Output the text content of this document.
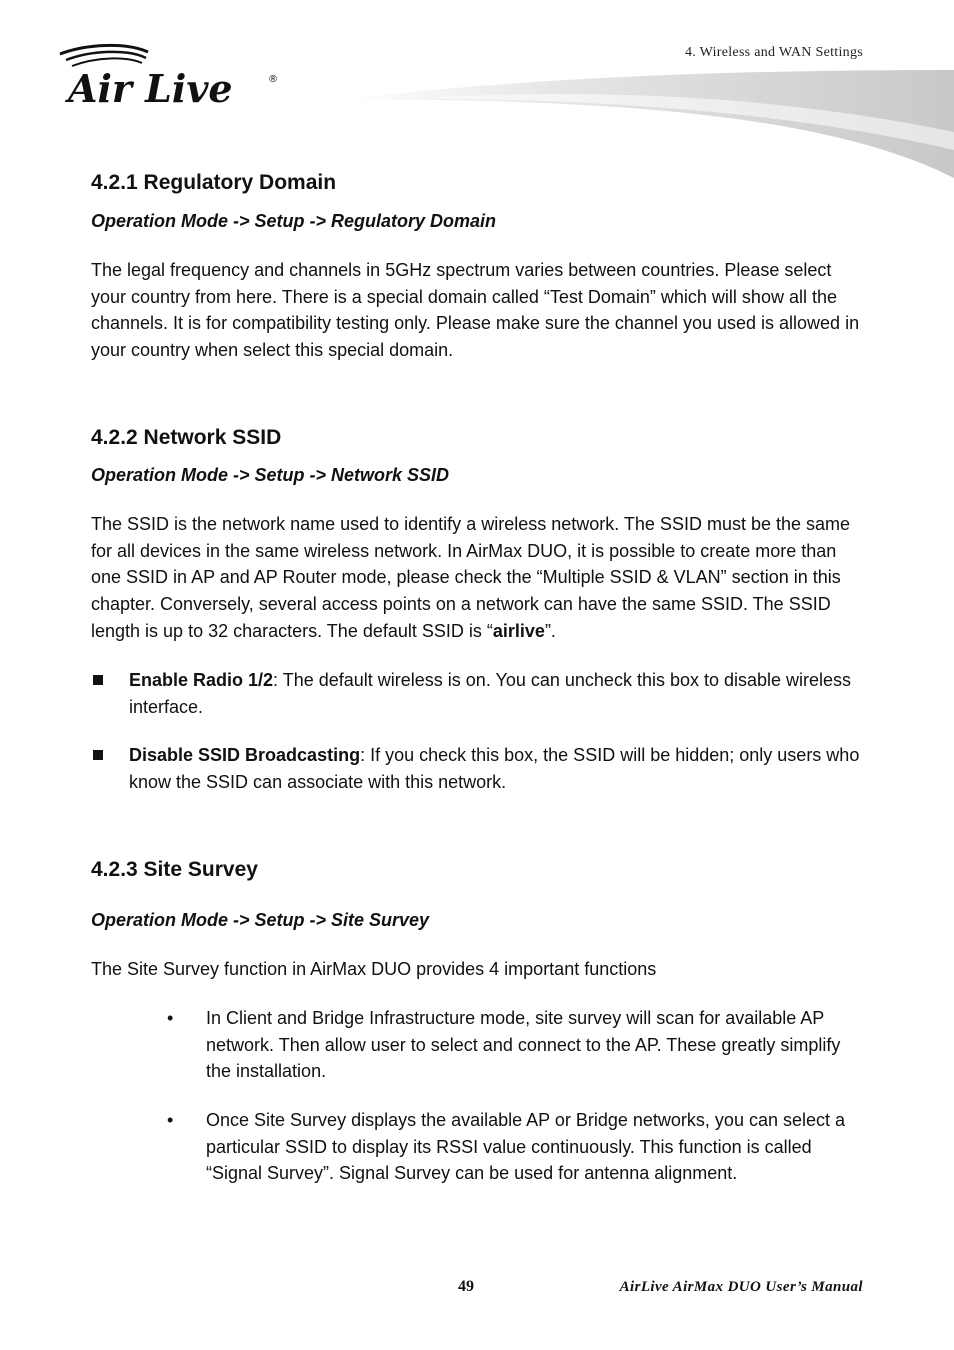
4. Wireless and WAN Settings
Air Live	®
4.2.1 Regulatory Domain
Operation Mode -> Setup -> Regulatory Domain

The legal frequency and channels in 5GHz spectrum varies between countries. Please select your country from here. There is a special domain called “Test Domain” which will show all the channels. It is for compatibility testing only. Please make sure the channel you used is allowed in your country when select this special domain.

4.2.2 Network SSID
Operation Mode -> Setup -> Network SSID

The SSID is the network name used to identify a wireless network. The SSID must be the same for all devices in the same wireless network. In AirMax DUO, it is possible to create more than one SSID in AP and AP Router mode, please check the “Multiple SSID & VLAN” section in this chapter. Conversely, several access points on a network can have the same SSID. The SSID length is up to 32 characters. The default SSID is “airlive”.

Enable Radio 1/2: The default wireless is on. You can uncheck this box to disable wireless interface.

Disable SSID Broadcasting: If you check this box, the SSID will be hidden; only users who know the SSID can associate with this network.

4.2.3 Site Survey
Operation Mode -> Setup -> Site Survey

The Site Survey function in AirMax DUO provides 4 important functions

• In Client and Bridge Infrastructure mode, site survey will scan for available AP network. Then allow user to select and connect to the AP. These greatly simplify the installation.

• Once Site Survey displays the available AP or Bridge networks, you can select a particular SSID to display its RSSI value continuously. This function is called “Signal Survey”. Signal Survey can be used for antenna alignment.

49	AirLive AirMax DUO User’s Manual
